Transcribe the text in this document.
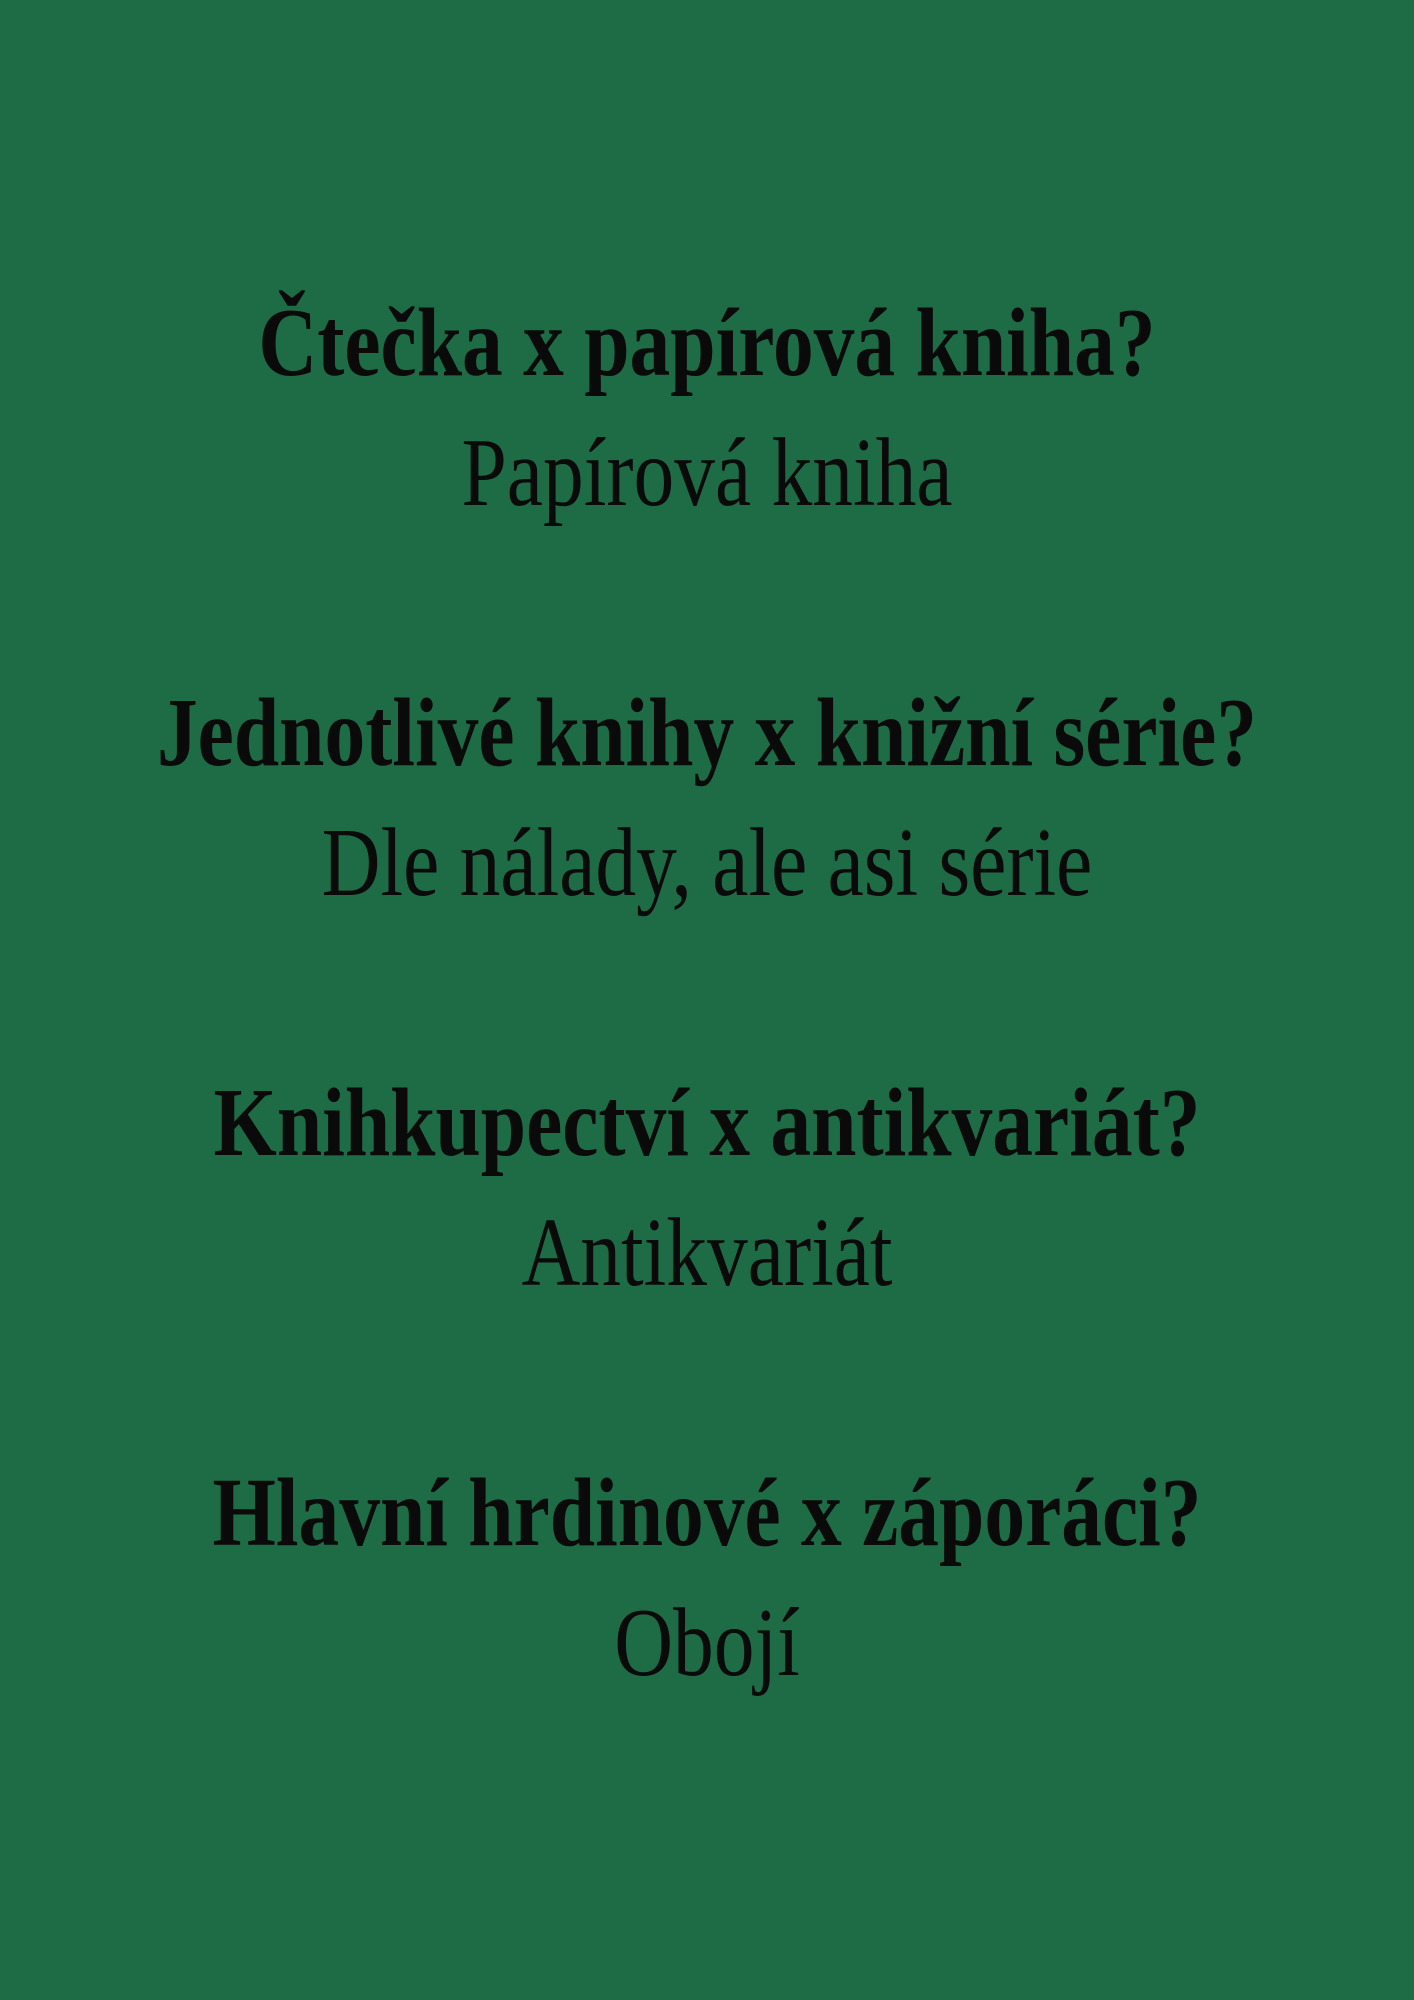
Čtečka x papírová kniha?
Papírová kniha
Jednotlivé knihy x knižní série?
Dle nálady, ale asi série
Knihkupectví x antikvariát?
Antikvariát
Hlavní hrdinové x záporáci?
Obojí
